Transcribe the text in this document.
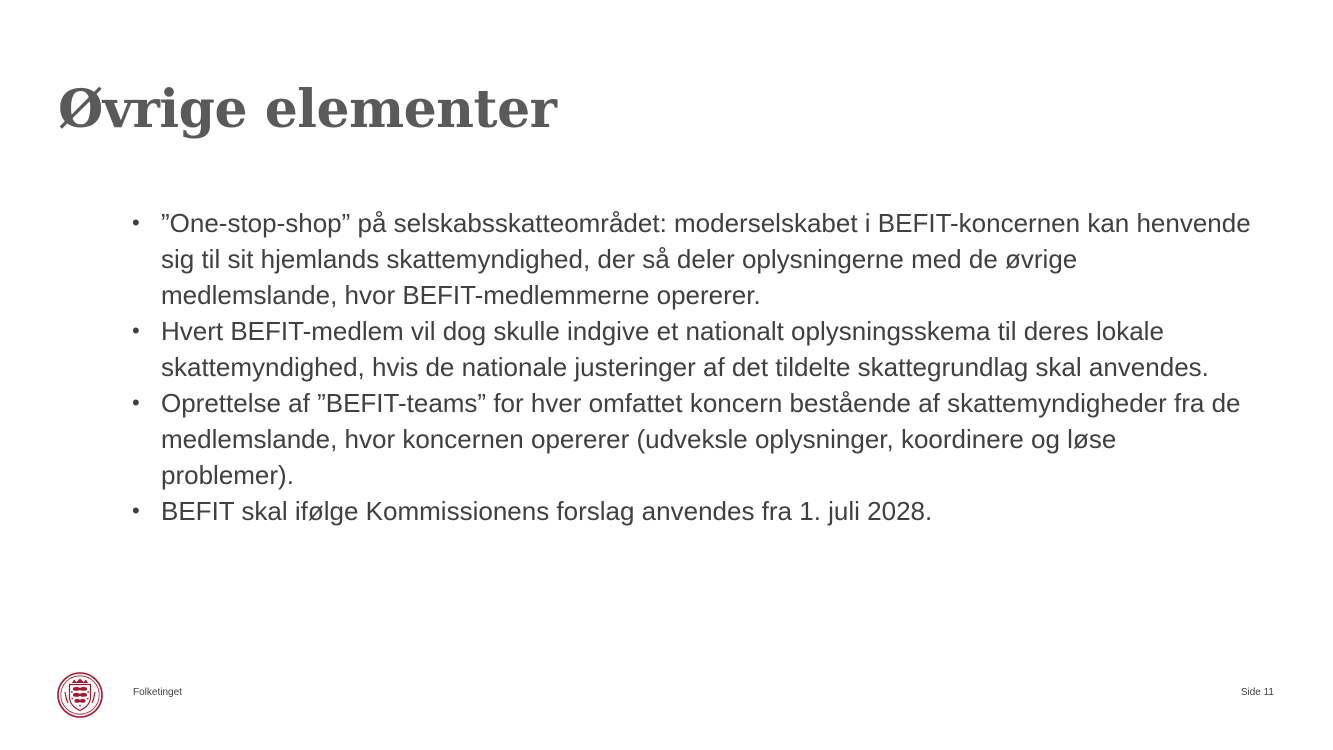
Øvrige elementer
• ”One-stop-shop” på selskabsskatteområdet: moderselskabet i BEFIT-koncernen kan henvende sig til sit hjemlands skattemyndighed, der så deler oplysningerne med de øvrige medlemslande, hvor BEFIT-medlemmerne opererer.
• Hvert BEFIT-medlem vil dog skulle indgive et nationalt oplysningsskema til deres lokale skattemyndighed, hvis de nationale justeringer af det tildelte skattegrundlag skal anvendes.
• Oprettelse af ”BEFIT-teams” for hver omfattet koncern bestående af skattemyndigheder fra de medlemslande, hvor koncernen opererer (udveksle oplysninger, koordinere og løse problemer).
• BEFIT skal ifølge Kommissionens forslag anvendes fra 1. juli 2028.
Folketinget	Side 11
